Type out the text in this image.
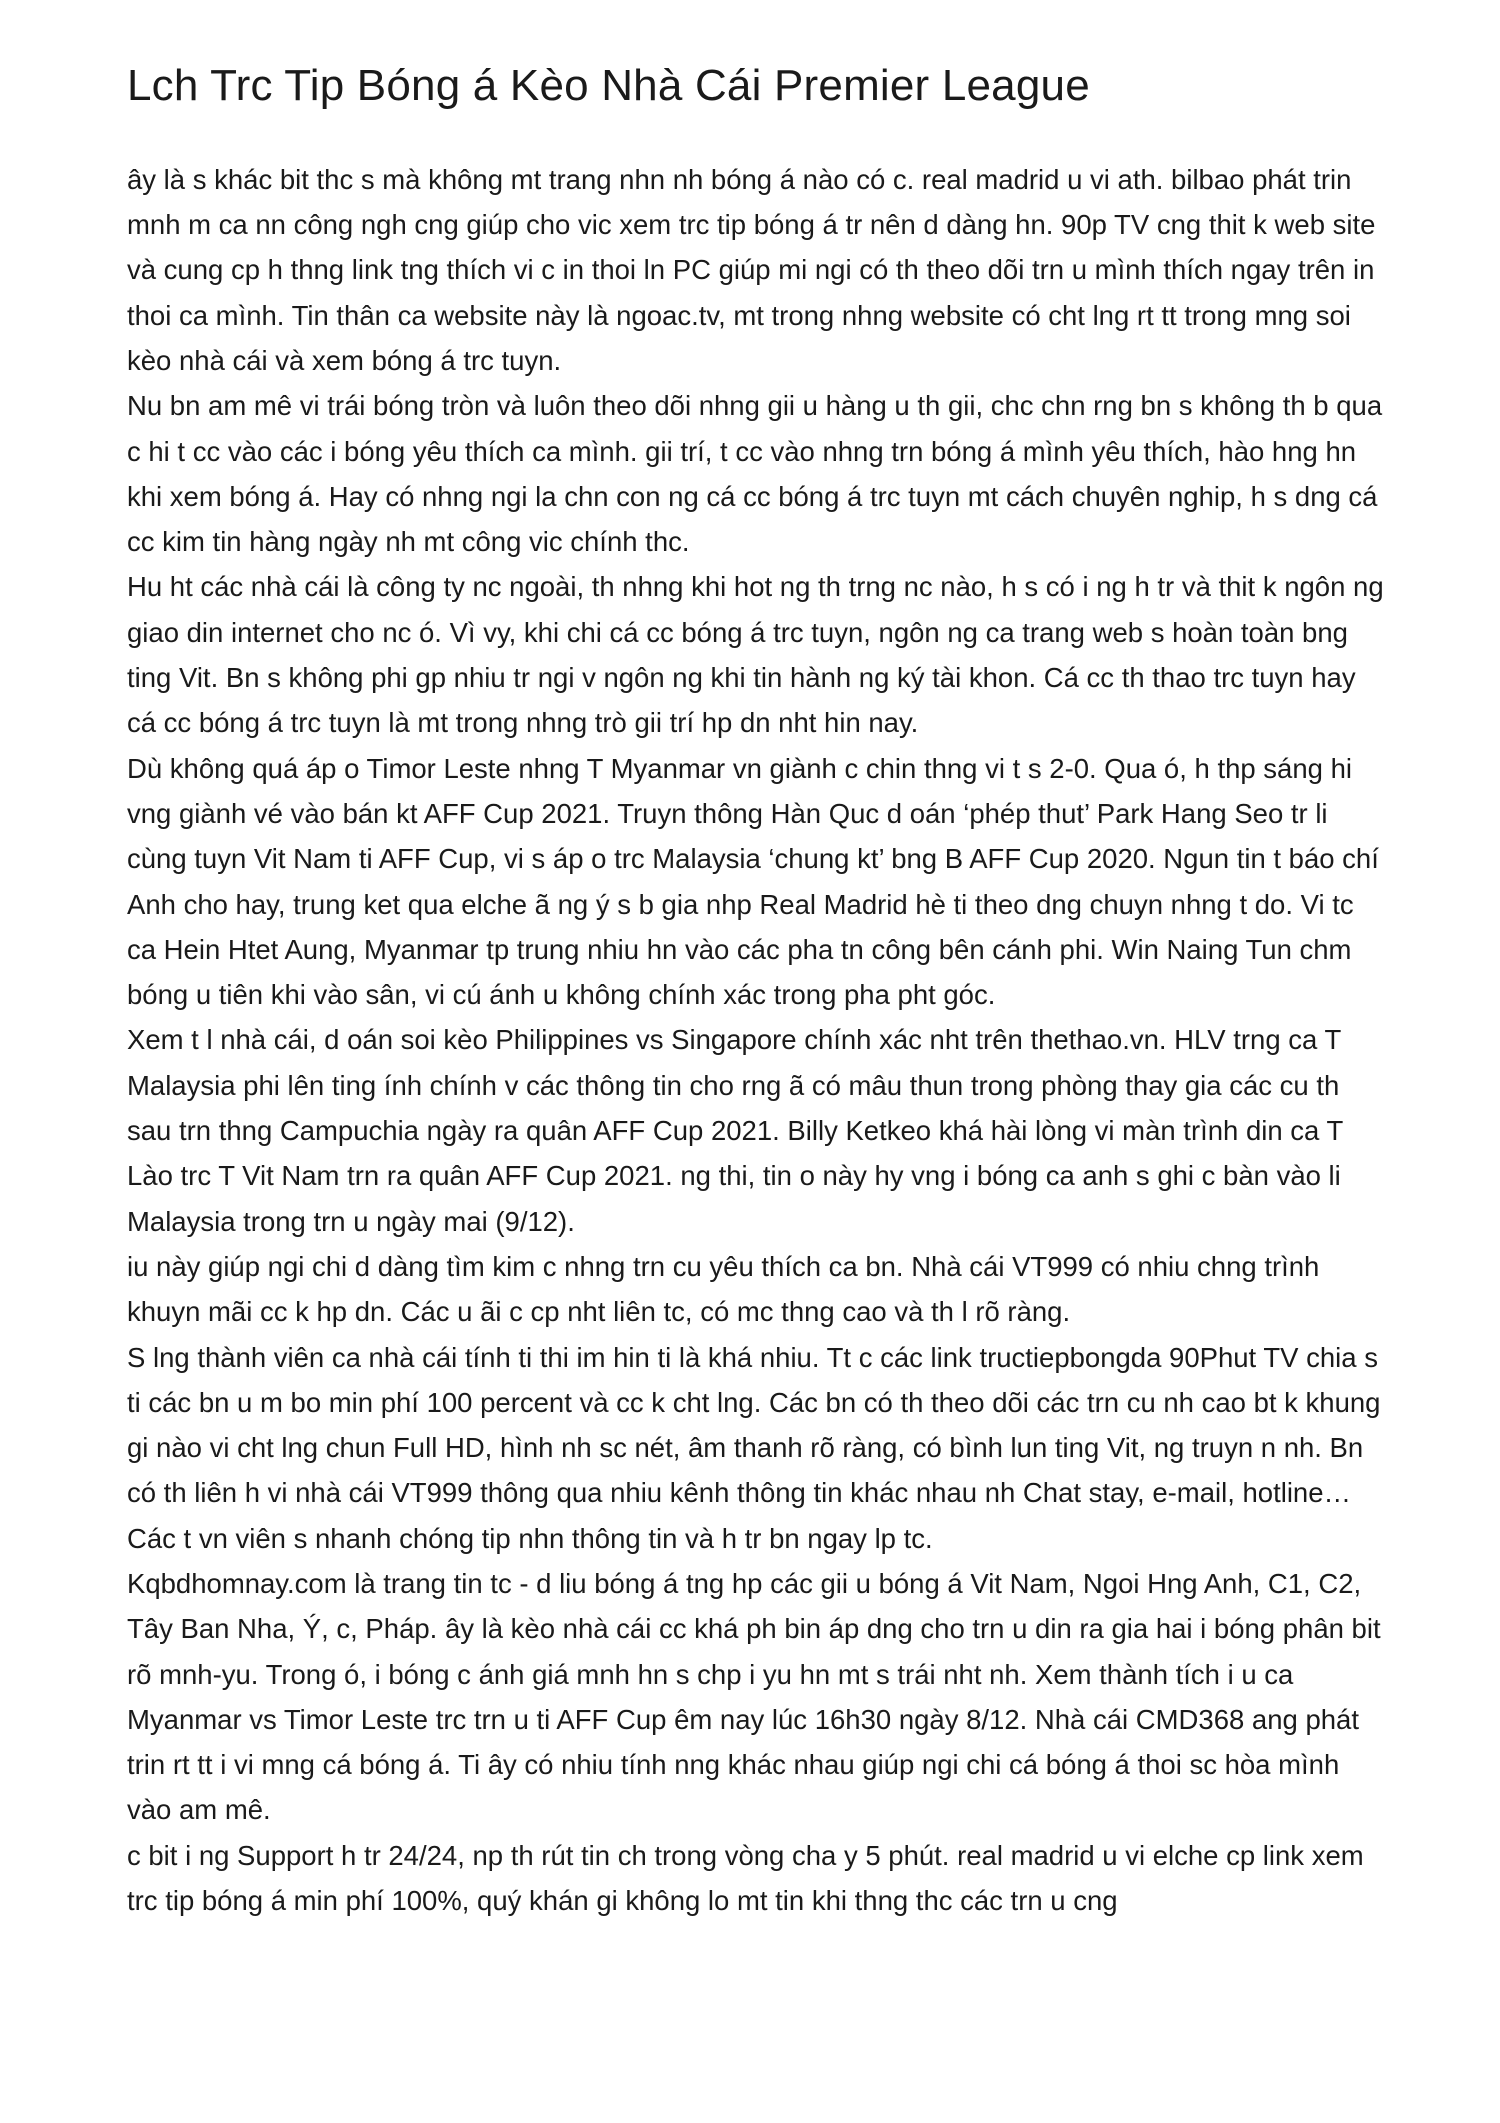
Lch Trc Tip Bóng á Kèo Nhà Cái Premier League

ây là s khác bit thc s mà không mt trang nhn nh bóng á nào có c. real madrid u vi ath. bilbao phát trin mnh m ca nn công ngh cng giúp cho vic xem trc tip bóng á tr nên d dàng hn. 90p TV cng thit k web site và cung cp h thng link tng thích vi c in thoi ln PC giúp mi ngi có th theo dõi trn u mình thích ngay trên in thoi ca mình. Tin thân ca website này là ngoac.tv, mt trong nhng website có cht lng rt tt trong mng soi kèo nhà cái và xem bóng á trc tuyn.

Nu bn am mê vi trái bóng tròn và luôn theo dõi nhng gii u hàng u th gii, chc chn rng bn s không th b qua c hi t cc vào các i bóng yêu thích ca mình. gii trí, t cc vào nhng trn bóng á mình yêu thích, hào hng hn khi xem bóng á. Hay có nhng ngi la chn con ng cá cc bóng á trc tuyn mt cách chuyên nghip, h s dng cá cc kim tin hàng ngày nh mt công vic chính thc.

Hu ht các nhà cái là công ty nc ngoài, th nhng khi hot ng th trng nc nào, h s có i ng h tr và thit k ngôn ng giao din internet cho nc ó. Vì vy, khi chi cá cc bóng á trc tuyn, ngôn ng ca trang web s hoàn toàn bng ting Vit. Bn s không phi gp nhiu tr ngi v ngôn ng khi tin hành ng ký tài khon. Cá cc th thao trc tuyn hay cá cc bóng á trc tuyn là mt trong nhng trò gii trí hp dn nht hin nay.

Dù không quá áp o Timor Leste nhng T Myanmar vn giành c chin thng vi t s 2-0. Qua ó, h thp sáng hi vng giành vé vào bán kt AFF Cup 2021. Truyn thông Hàn Quc d oán ‘phép thut’ Park Hang Seo tr li cùng tuyn Vit Nam ti AFF Cup, vi s áp o trc Malaysia ‘chung kt’ bng B AFF Cup 2020. Ngun tin t báo chí Anh cho hay, trung ket qua elche ã ng ý s b gia nhp Real Madrid hè ti theo dng chuyn nhng t do. Vi tc ca Hein Htet Aung, Myanmar tp trung nhiu hn vào các pha tn công bên cánh phi. Win Naing Tun chm bóng u tiên khi vào sân, vi cú ánh u không chính xác trong pha pht góc.

Xem t l nhà cái, d oán soi kèo Philippines vs Singapore chính xác nht trên thethao.vn. HLV trng ca T Malaysia phi lên ting ính chính v các thông tin cho rng ã có mâu thun trong phòng thay gia các cu th sau trn thng Campuchia ngày ra quân AFF Cup 2021. Billy Ketkeo khá hài lòng vi màn trình din ca T Lào trc T Vit Nam trn ra quân AFF Cup 2021. ng thi, tin o này hy vng i bóng ca anh s ghi c bàn vào li Malaysia trong trn u ngày mai (9/12).

iu này giúp ngi chi d dàng tìm kim c nhng trn cu yêu thích ca bn. Nhà cái VT999 có nhiu chng trình khuyn mãi cc k hp dn. Các u ãi c cp nht liên tc, có mc thng cao và th l rõ ràng.

S lng thành viên ca nhà cái tính ti thi im hin ti là khá nhiu. Tt c các link tructiepbongda 90Phut TV chia s ti các bn u m bo min phí 100 percent và cc k cht lng. Các bn có th theo dõi các trn cu nh cao bt k khung gi nào vi cht lng chun Full HD, hình nh sc nét, âm thanh rõ ràng, có bình lun ting Vit, ng truyn n nh. Bn có th liên h vi nhà cái VT999 thông qua nhiu kênh thông tin khác nhau nh Chat stay, e-mail, hotline… Các t vn viên s nhanh chóng tip nhn thông tin và h tr bn ngay lp tc.

Kqbdhomnay.com là trang tin tc - d liu bóng á tng hp các gii u bóng á Vit Nam, Ngoi Hng Anh, C1, C2, Tây Ban Nha, Ý, c, Pháp. ây là kèo nhà cái cc khá ph bin áp dng cho trn u din ra gia hai i bóng phân bit rõ mnh-yu. Trong ó, i bóng c ánh giá mnh hn s chp i yu hn mt s trái nht nh. Xem thành tích i u ca Myanmar vs Timor Leste trc trn u ti AFF Cup êm nay lúc 16h30 ngày 8/12. Nhà cái CMD368 ang phát trin rt tt i vi mng cá bóng á. Ti ây có nhiu tính nng khác nhau giúp ngi chi cá bóng á thoi sc hòa mình vào am mê.

c bit i ng Support h tr 24/24, np th rút tin ch trong vòng cha y 5 phút. real madrid u vi elche cp link xem trc tip bóng á min phí 100%, quý khán gi không lo mt tin khi thng thc các trn u cng
